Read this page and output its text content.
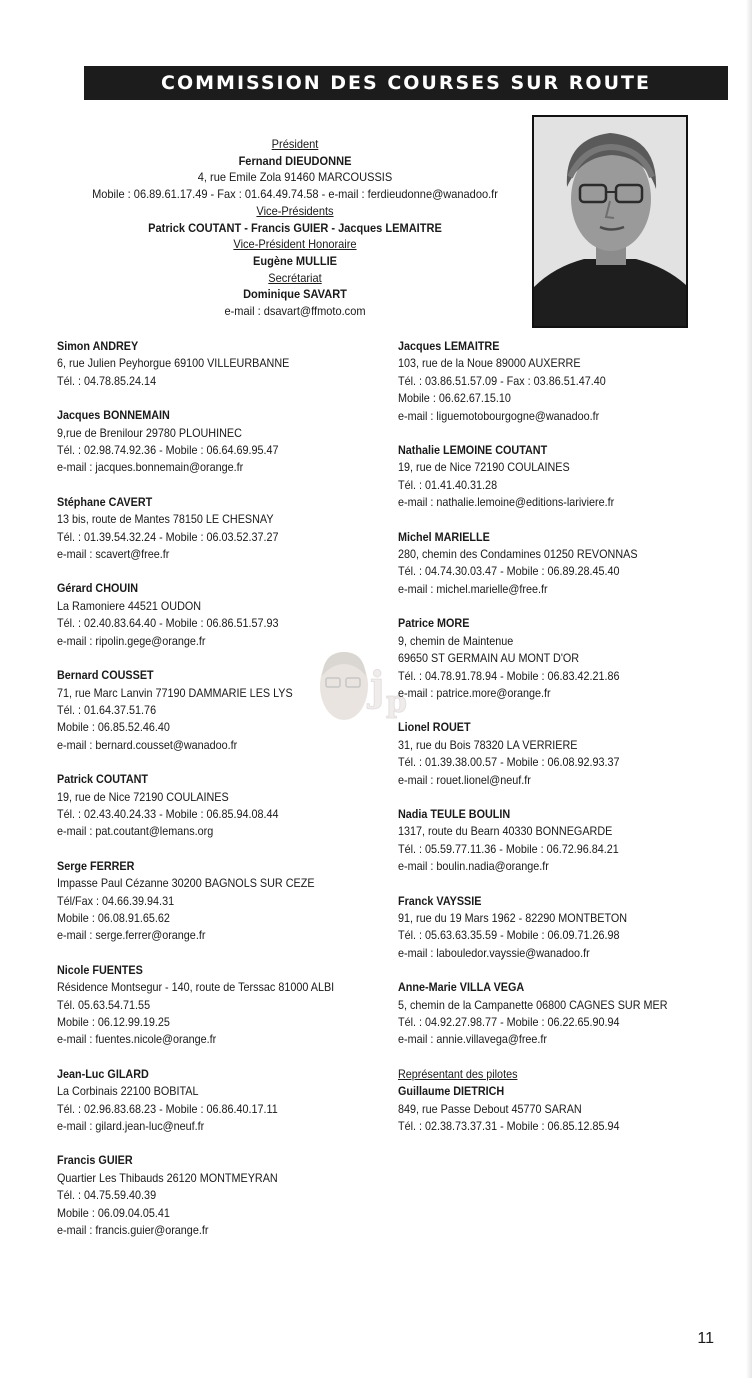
COMMISSION DES COURSES SUR ROUTE
Président
Fernand DIEUDONNE
4, rue Emile Zola 91460 MARCOUSSIS
Mobile : 06.89.61.17.49 - Fax : 01.64.49.74.58 - e-mail : ferdieudonne@wanadoo.fr
Vice-Présidents
Patrick COUTANT - Francis GUIER - Jacques LEMAITRE
Vice-Président Honoraire
Eugène MULLIE
Secrétariat
Dominique SAVART
e-mail : dsavart@ffmoto.com
j p
Simon ANDREY
6, rue Julien Peyhorgue 69100 VILLEURBANNE
Tél. : 04.78.85.24.14
Jacques BONNEMAIN
9,rue de Brenilour 29780 PLOUHINEC
Tél. : 02.98.74.92.36 - Mobile : 06.64.69.95.47
e-mail : jacques.bonnemain@orange.fr
Stéphane CAVERT
13 bis, route de Mantes 78150 LE CHESNAY
Tél. : 01.39.54.32.24 - Mobile : 06.03.52.37.27
e-mail : scavert@free.fr
Gérard CHOUIN
La Ramoniere 44521 OUDON
Tél. : 02.40.83.64.40 - Mobile : 06.86.51.57.93
e-mail : ripolin.gege@orange.fr
Bernard COUSSET
71, rue Marc Lanvin 77190 DAMMARIE LES LYS
Tél. : 01.64.37.51.76
Mobile : 06.85.52.46.40
e-mail : bernard.cousset@wanadoo.fr
Patrick COUTANT
19, rue de Nice 72190 COULAINES
Tél. : 02.43.40.24.33 - Mobile : 06.85.94.08.44
e-mail : pat.coutant@lemans.org
Serge FERRER
Impasse Paul Cézanne 30200 BAGNOLS SUR CEZE
Tél/Fax : 04.66.39.94.31
Mobile : 06.08.91.65.62
e-mail : serge.ferrer@orange.fr
Nicole FUENTES
Résidence Montsegur - 140, route de Terssac 81000 ALBI
Tél. 05.63.54.71.55
Mobile : 06.12.99.19.25
e-mail : fuentes.nicole@orange.fr
Jean-Luc GILARD
La Corbinais 22100 BOBITAL
Tél. : 02.96.83.68.23 - Mobile : 06.86.40.17.11
e-mail : gilard.jean-luc@neuf.fr
Francis GUIER
Quartier Les Thibauds 26120 MONTMEYRAN
Tél. : 04.75.59.40.39
Mobile : 06.09.04.05.41
e-mail : francis.guier@orange.fr
Jacques LEMAITRE
103, rue de la Noue 89000 AUXERRE
Tél. : 03.86.51.57.09 - Fax : 03.86.51.47.40
Mobile : 06.62.67.15.10
e-mail : liguemotobourgogne@wanadoo.fr
Nathalie LEMOINE COUTANT
19, rue de Nice 72190 COULAINES
Tél. : 01.41.40.31.28
e-mail : nathalie.lemoine@editions-lariviere.fr
Michel MARIELLE
280, chemin des Condamines 01250 REVONNAS
Tél. : 04.74.30.03.47 - Mobile : 06.89.28.45.40
e-mail : michel.marielle@free.fr
Patrice MORE
9, chemin de Maintenue
69650 ST GERMAIN AU MONT D'OR
Tél. : 04.78.91.78.94 - Mobile : 06.83.42.21.86
e-mail : patrice.more@orange.fr
Lionel ROUET
31, rue du Bois 78320 LA VERRIERE
Tél. : 01.39.38.00.57 - Mobile : 06.08.92.93.37
e-mail : rouet.lionel@neuf.fr
Nadia TEULE BOULIN
1317, route du Bearn 40330 BONNEGARDE
Tél. : 05.59.77.11.36 - Mobile : 06.72.96.84.21
e-mail : boulin.nadia@orange.fr
Franck VAYSSIE
91, rue du 19 Mars 1962 - 82290 MONTBETON
Tél. : 05.63.63.35.59 - Mobile : 06.09.71.26.98
e-mail : labouledor.vayssie@wanadoo.fr
Anne-Marie VILLA VEGA
5, chemin de la Campanette 06800 CAGNES SUR MER
Tél. : 04.92.27.98.77 - Mobile : 06.22.65.90.94
e-mail : annie.villavega@free.fr
Représentant des pilotes
Guillaume DIETRICH
849, rue Passe Debout 45770 SARAN
Tél. : 02.38.73.37.31 - Mobile : 06.85.12.85.94
11
